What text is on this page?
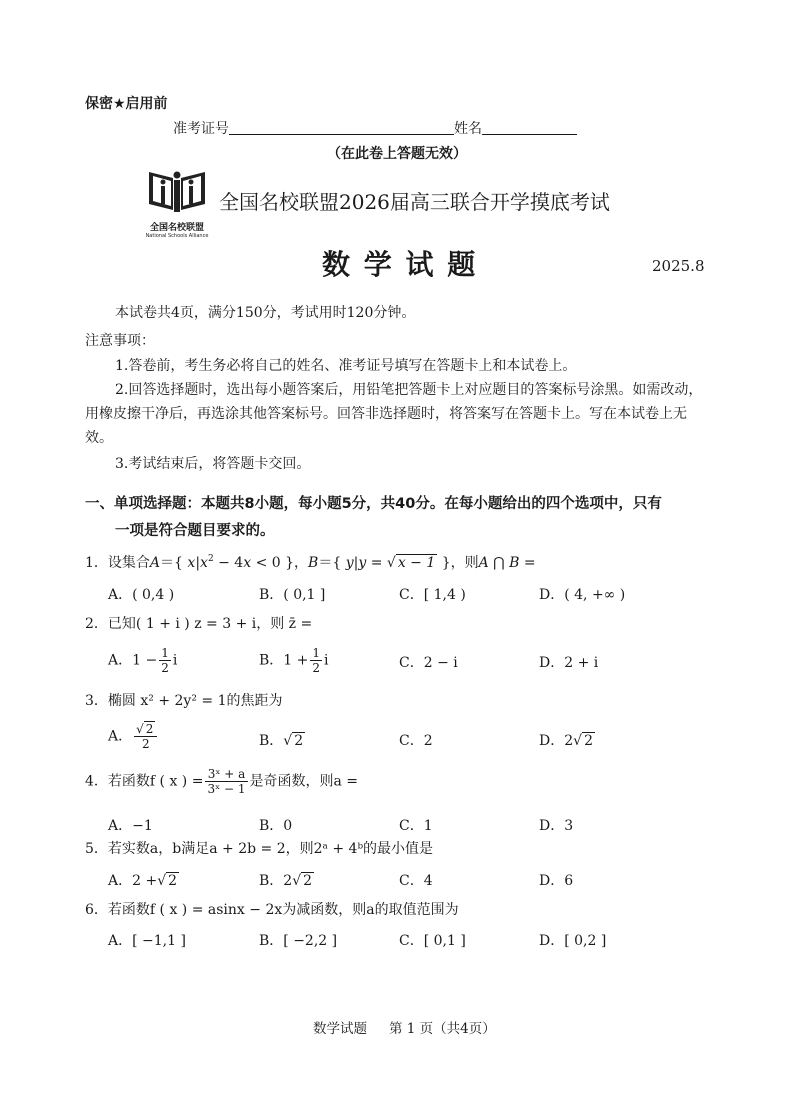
保密★启用前
准考证号	姓名
（在此卷上答题无效）
全国名校联盟
National Schools Alliance
全国名校联盟2026届高三联合开学摸底考试
数 学 试 题	2025.8
本试卷共4页，满分150分，考试用时120分钟。
注意事项：
1.答卷前，考生务必将自己的姓名、准考证号填写在答题卡上和本试卷上。
2.回答选择题时，选出每小题答案后，用铅笔把答题卡上对应题目的答案标号涂黑。如需改动，用橡皮擦干净后，再选涂其他答案标号。回答非选择题时，将答案写在答题卡上。写在本试卷上无效。
3.考试结束后，将答题卡交回。
一、单项选择题：本题共8小题，每小题5分，共40分。在每小题给出的四个选项中，只有
一项是符合题目要求的。
1．设集合A＝{ $x|x^2 - 4x < 0$ }，B＝{ y|y = √ x − 1 }，则A ⋂ B =
A．( 0,4 )	B．( 0,1 ]	C．[ 1,4 )	D．( 4, +∞ )
2．已知( 1 + i ) z = 3 + i，则 z̄ =
A．$1 - \frac{1}{2}$ i	B．$1 + \frac{1}{2}$ i	C．2 − i	D．2 + i
3．椭圆 x² + 2y² = 1的焦距为
A． $\frac{√ 2}{2}$	B．√ 2	C．2	D．2√ 2
4．若函数f ( x ) = $\frac{\text{3ˣ + a}}{\text{3ˣ − 1}}$ 是奇函数，则a =
A．−1	B．0	C．1	D．3
5．若实数a，b满足a + 2b = 2，则2ᵃ + 4ᵇ的最小值是
A．2 +√ 2	B．2√ 2	C．4	D．6
6．若函数f ( x ) = asinx − 2x为减函数，则a的取值范围为
A．[ −1,1 ]	B．[ −2,2 ]	C．[ 0,1 ]	D．[ 0,2 ]
数学试题 第 1 页（共4页）
